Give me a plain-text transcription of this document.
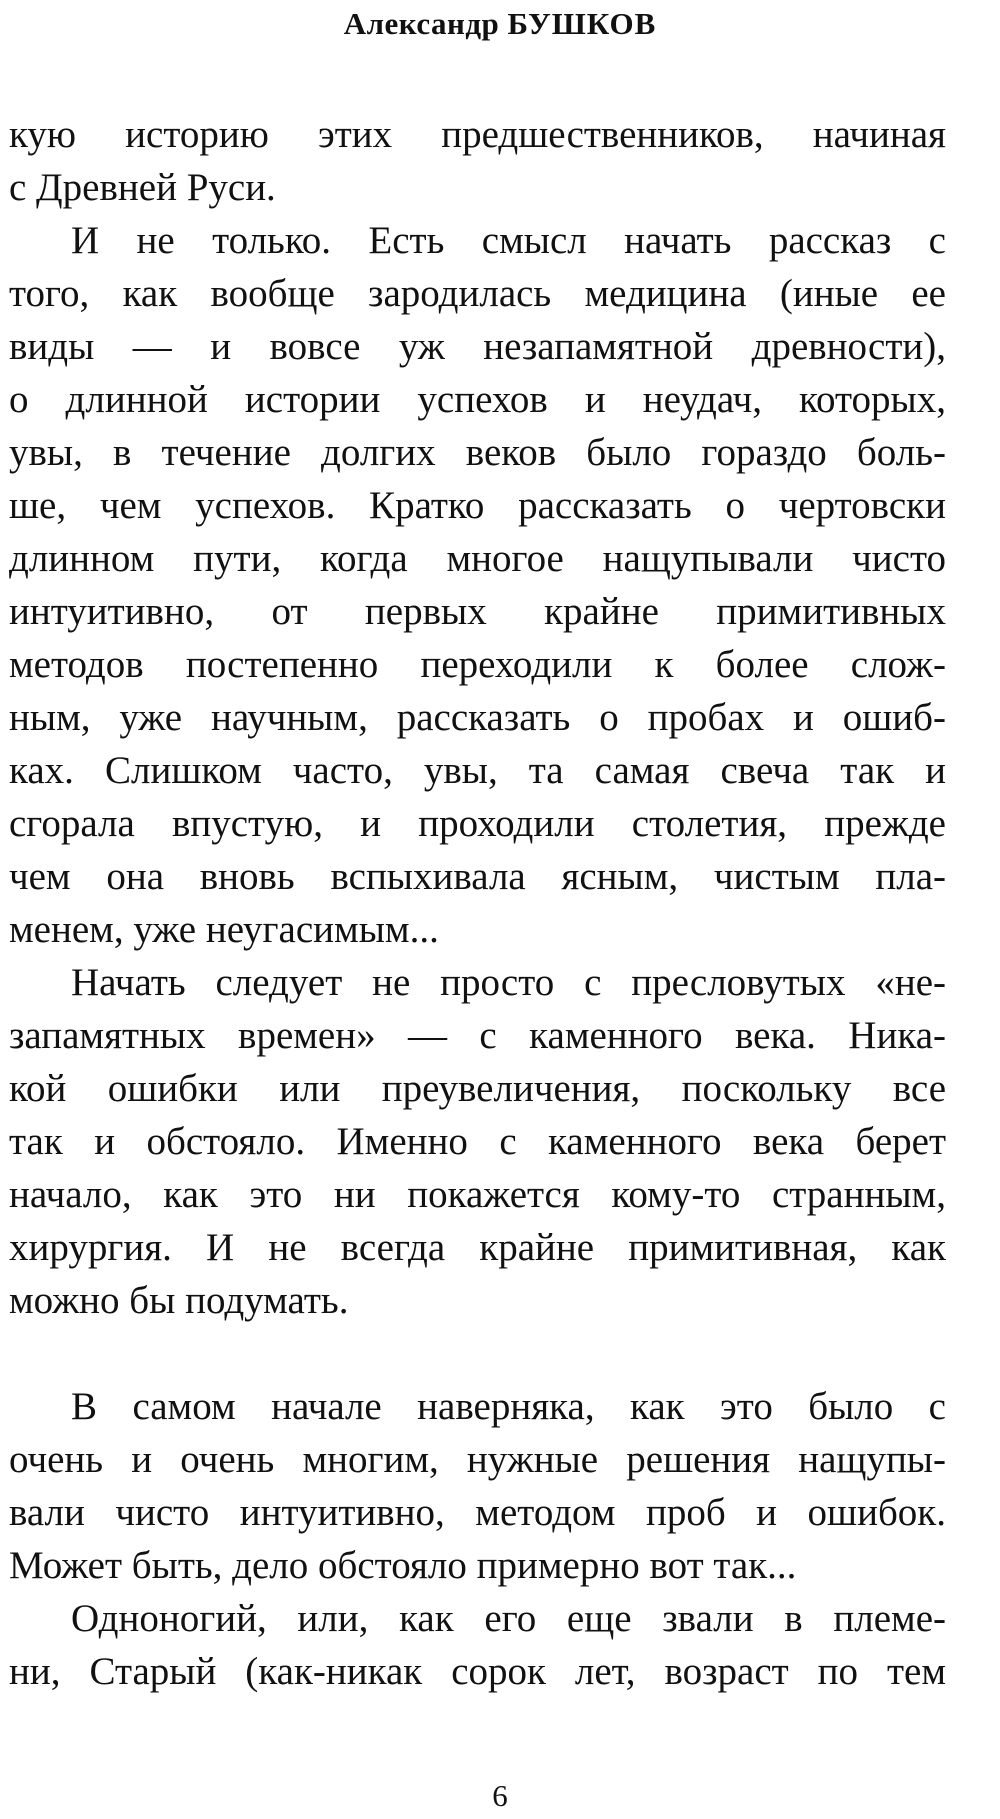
Александр БУШКОВ
кую историю этих предшественников, начиная
с Древней Руси.
И не только. Есть смысл начать рассказ с
того, как вообще зародилась медицина (иные ее
виды — и вовсе уж незапамятной древности),
о длинной истории успехов и неудач, которых,
увы, в течение долгих веков было гораздо боль-
ше, чем успехов. Кратко рассказать о чертовски
длинном пути, когда многое нащупывали чисто
интуитивно, от первых крайне примитивных
методов постепенно переходили к более слож-
ным, уже научным, рассказать о пробах и ошиб-
ках. Слишком часто, увы, та самая свеча так и
сгорала впустую, и проходили столетия, прежде
чем она вновь вспыхивала ясным, чистым пла-
менем, уже неугасимым...
Начать следует не просто с пресловутых «не-
запамятных времен» — с каменного века. Ника-
кой ошибки или преувеличения, поскольку все
так и обстояло. Именно с каменного века берет
начало, как это ни покажется кому-то странным,
хирургия. И не всегда крайне примитивная, как
можно бы подумать.
В самом начале наверняка, как это было с
очень и очень многим, нужные решения нащупы-
вали чисто интуитивно, методом проб и ошибок.
Может быть, дело обстояло примерно вот так...
Одноногий, или, как его еще звали в племе-
ни, Старый (как-никак сорок лет, возраст по тем
6
